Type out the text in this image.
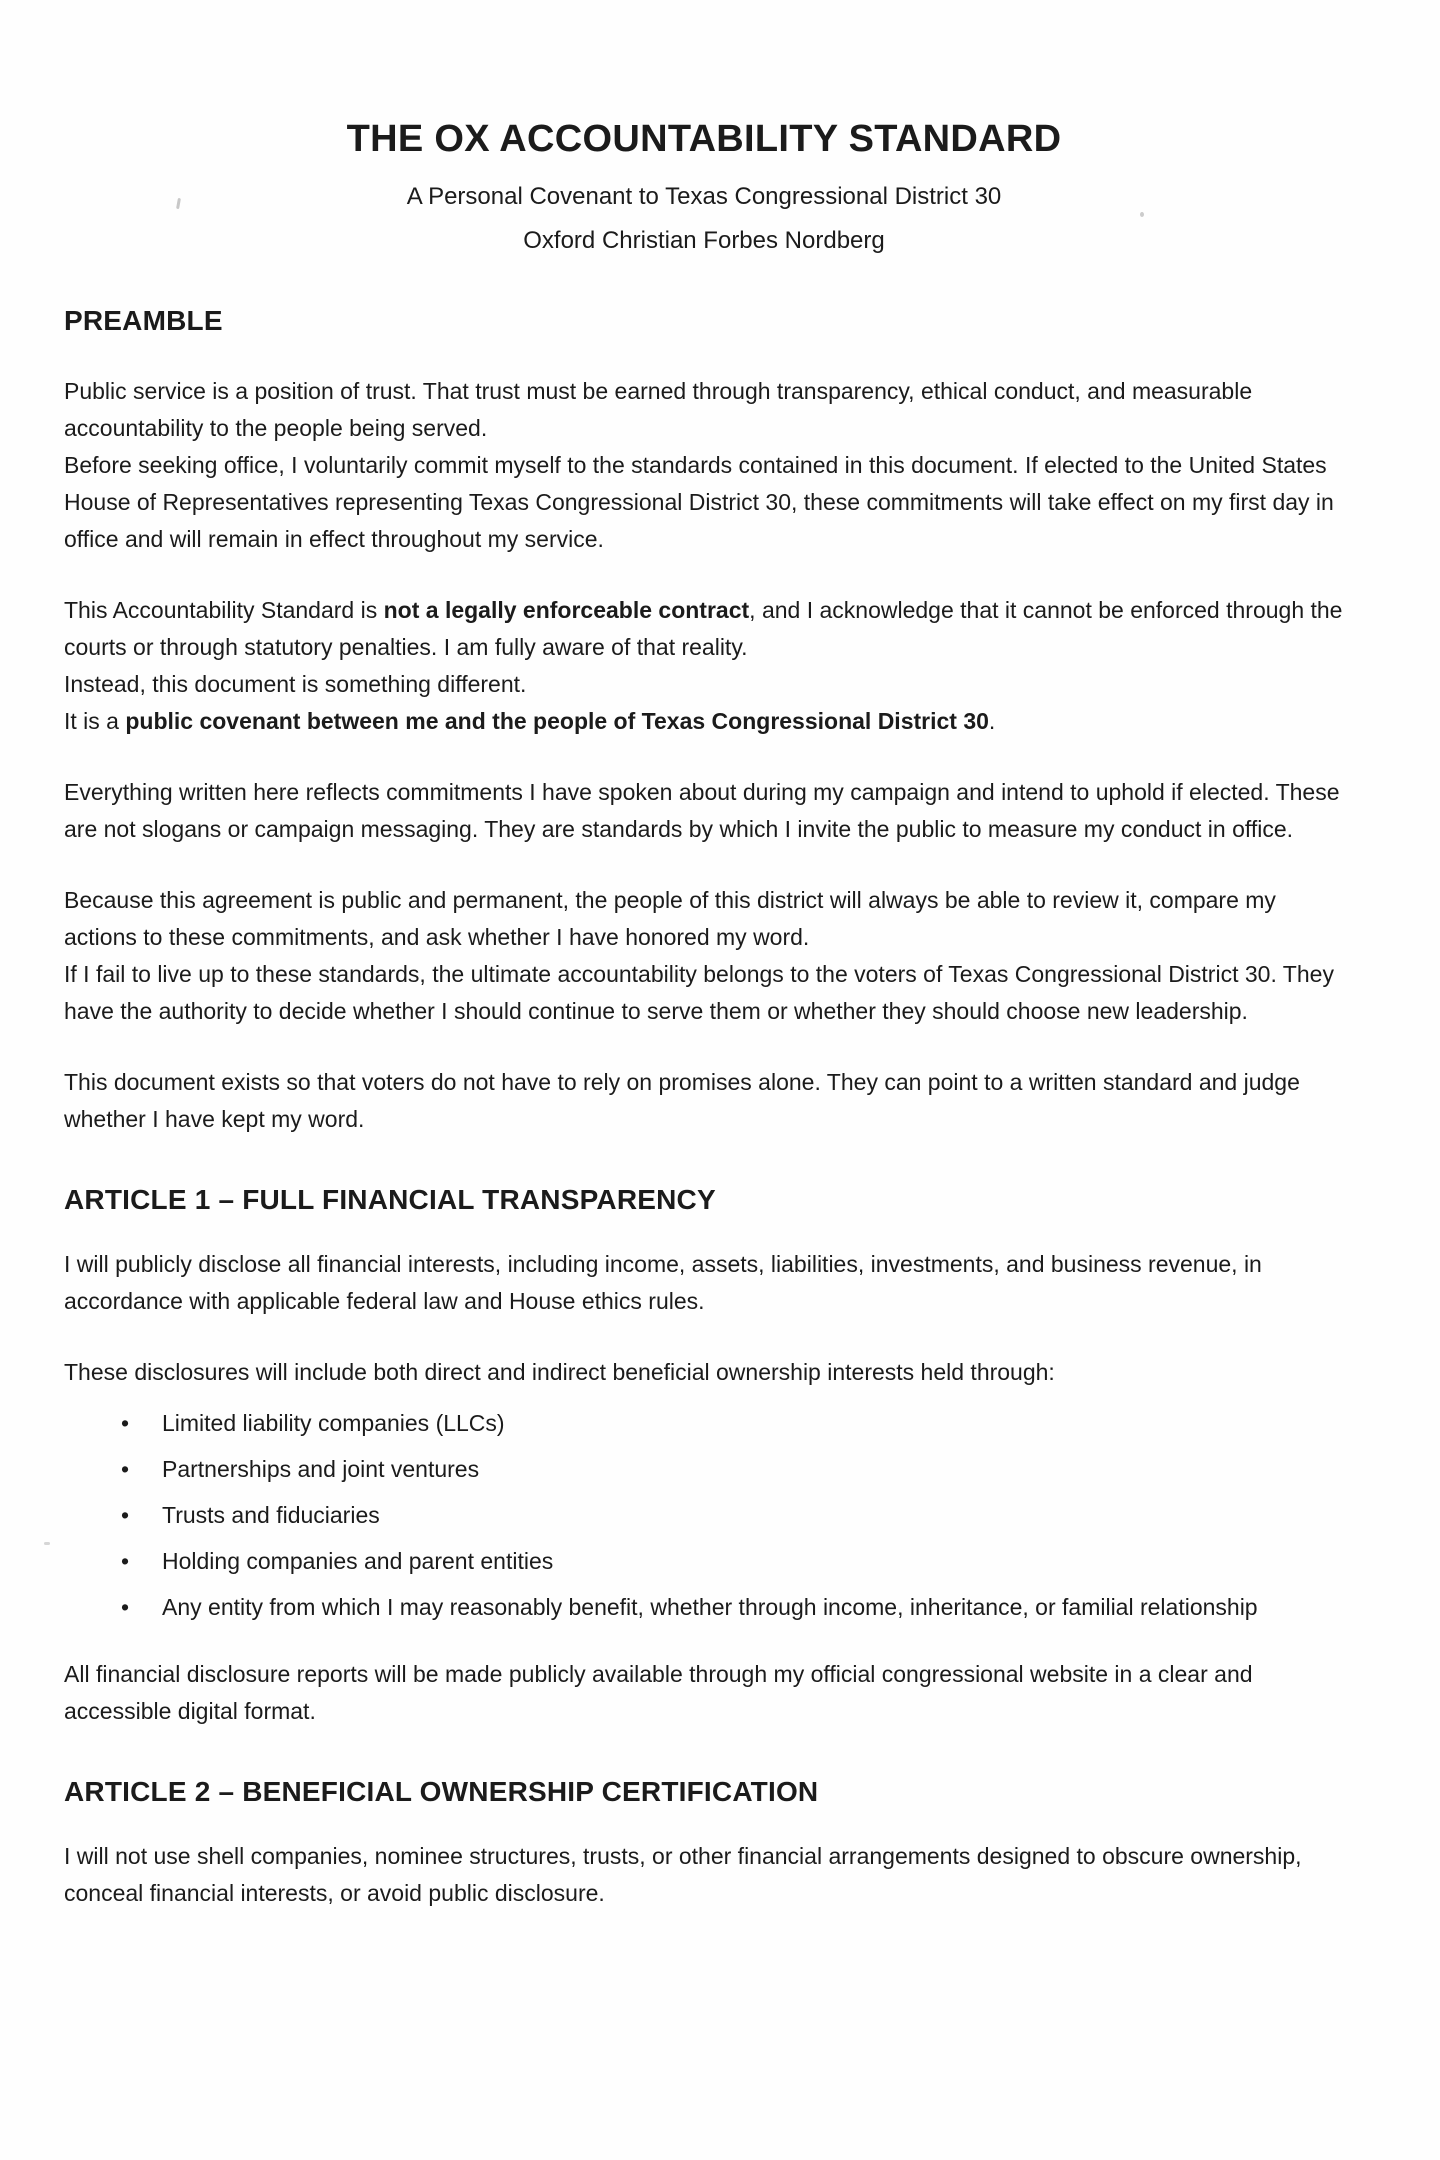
THE OX ACCOUNTABILITY STANDARD

A Personal Covenant to Texas Congressional District 30

Oxford Christian Forbes Nordberg

PREAMBLE

Public service is a position of trust. That trust must be earned through transparency, ethical conduct, and measurable accountability to the people being served.

Before seeking office, I voluntarily commit myself to the standards contained in this document. If elected to the United States House of Representatives representing Texas Congressional District 30, these commitments will take effect on my first day in office and will remain in effect throughout my service.

This Accountability Standard is not a legally enforceable contract, and I acknowledge that it cannot be enforced through the courts or through statutory penalties. I am fully aware of that reality.

Instead, this document is something different.

It is a public covenant between me and the people of Texas Congressional District 30.

Everything written here reflects commitments I have spoken about during my campaign and intend to uphold if elected. These are not slogans or campaign messaging. They are standards by which I invite the public to measure my conduct in office.

Because this agreement is public and permanent, the people of this district will always be able to review it, compare my actions to these commitments, and ask whether I have honored my word.

If I fail to live up to these standards, the ultimate accountability belongs to the voters of Texas Congressional District 30. They have the authority to decide whether I should continue to serve them or whether they should choose new leadership.

This document exists so that voters do not have to rely on promises alone. They can point to a written standard and judge whether I have kept my word.

ARTICLE 1 – FULL FINANCIAL TRANSPARENCY

I will publicly disclose all financial interests, including income, assets, liabilities, investments, and business revenue, in accordance with applicable federal law and House ethics rules.

These disclosures will include both direct and indirect beneficial ownership interests held through:

• Limited liability companies (LLCs)
• Partnerships and joint ventures
• Trusts and fiduciaries
• Holding companies and parent entities
• Any entity from which I may reasonably benefit, whether through income, inheritance, or familial relationship

All financial disclosure reports will be made publicly available through my official congressional website in a clear and accessible digital format.

ARTICLE 2 – BENEFICIAL OWNERSHIP CERTIFICATION

I will not use shell companies, nominee structures, trusts, or other financial arrangements designed to obscure ownership, conceal financial interests, or avoid public disclosure.
